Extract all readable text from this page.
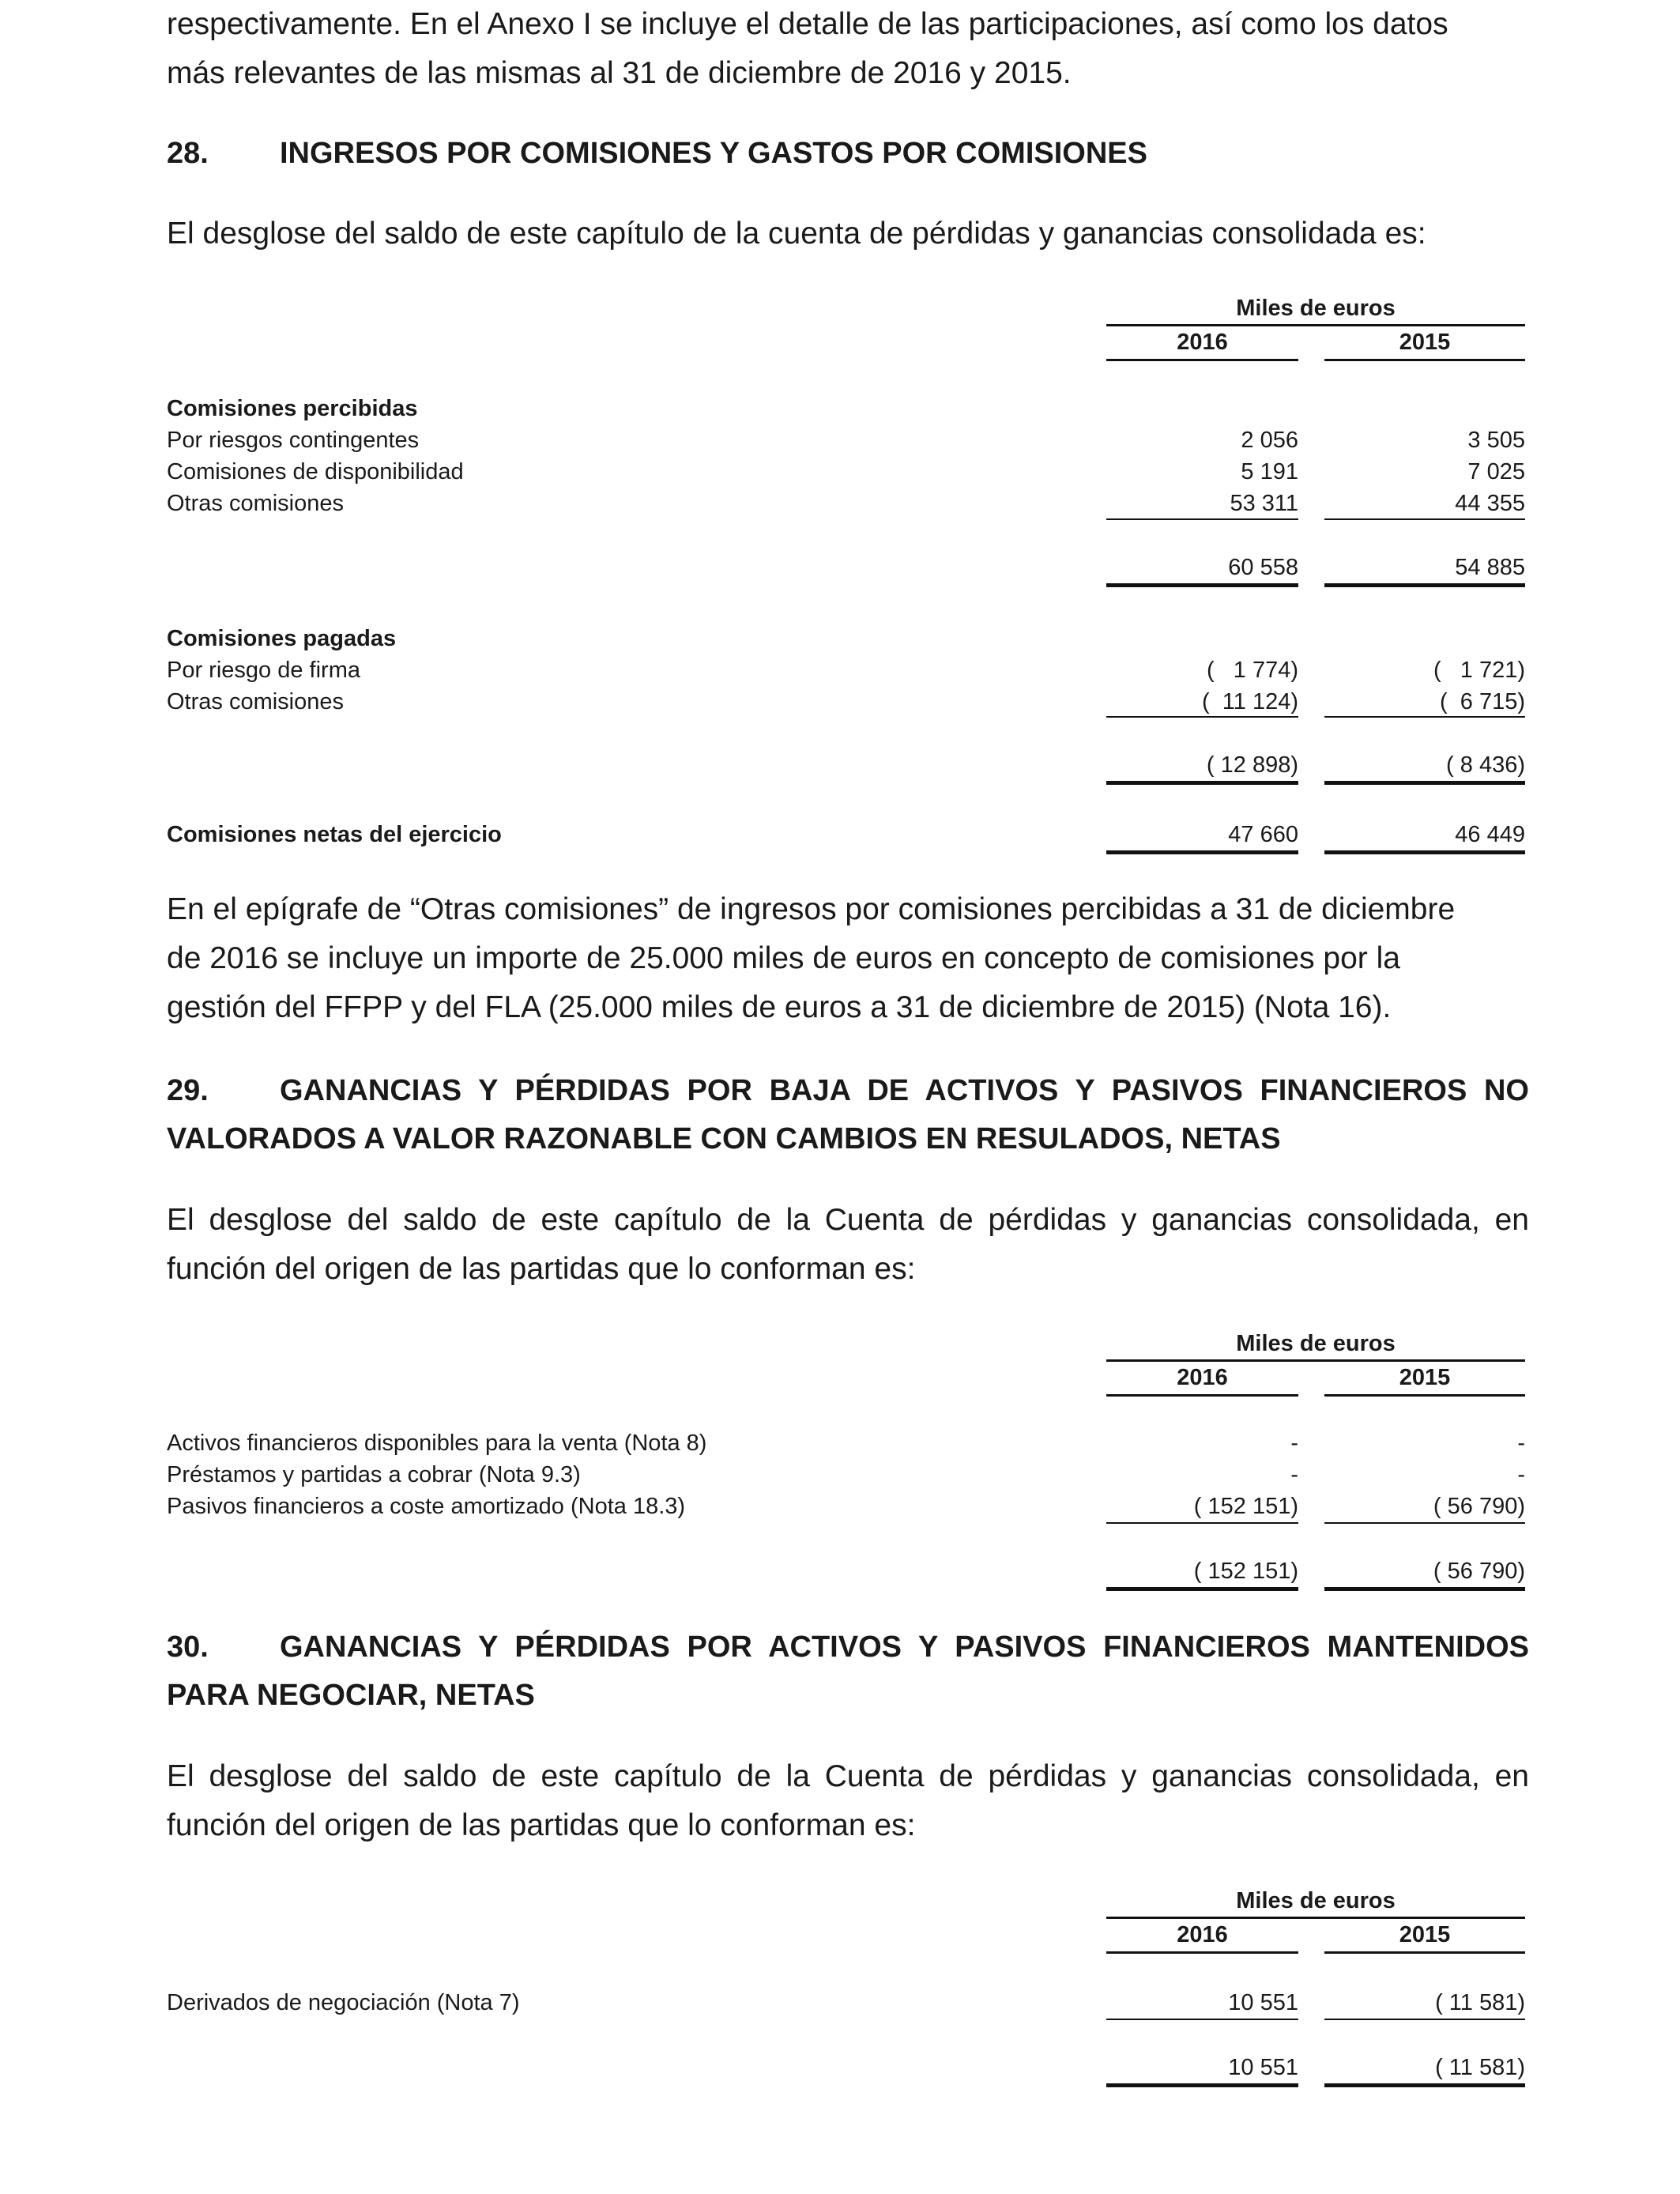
respectivamente. En el Anexo I se incluye el detalle de las participaciones, así como los datos
más relevantes de las mismas al 31 de diciembre de 2016 y 2015.

28. INGRESOS POR COMISIONES Y GASTOS POR COMISIONES

El desglose del saldo de este capítulo de la cuenta de pérdidas y ganancias consolidada es:

Miles de euros
2016	2015
Comisiones percibidas
Por riesgos contingentes	2 056	3 505
Comisiones de disponibilidad	5 191	7 025
Otras comisiones	53 311	44 355
60 558	54 885
Comisiones pagadas
Por riesgo de firma	(   1 774)	(   1 721)
Otras comisiones	(  11 124)	(  6 715)
( 12 898)	( 8 436)
Comisiones netas del ejercicio	47 660	46 449

En el epígrafe de “Otras comisiones” de ingresos por comisiones percibidas a 31 de diciembre
de 2016 se incluye un importe de 25.000 miles de euros en concepto de comisiones por la
gestión del FFPP y del FLA (25.000 miles de euros a 31 de diciembre de 2015) (Nota 16).

29. GANANCIAS Y PÉRDIDAS POR BAJA DE ACTIVOS Y PASIVOS FINANCIEROS NO VALORADOS A VALOR RAZONABLE CON CAMBIOS EN RESULADOS, NETAS

El desglose del saldo de este capítulo de la Cuenta de pérdidas y ganancias consolidada, en función del origen de las partidas que lo conforman es:

Miles de euros
2016	2015
Activos financieros disponibles para la venta (Nota 8)	-	-
Préstamos y partidas a cobrar (Nota 9.3)	-	-
Pasivos financieros a coste amortizado (Nota 18.3)	( 152 151)	( 56 790)
( 152 151)	( 56 790)

30. GANANCIAS Y PÉRDIDAS POR ACTIVOS Y PASIVOS FINANCIEROS MANTENIDOS PARA NEGOCIAR, NETAS

El desglose del saldo de este capítulo de la Cuenta de pérdidas y ganancias consolidada, en función del origen de las partidas que lo conforman es:

Miles de euros
2016	2015
Derivados de negociación (Nota 7)	10 551	( 11 581)
10 551	( 11 581)
